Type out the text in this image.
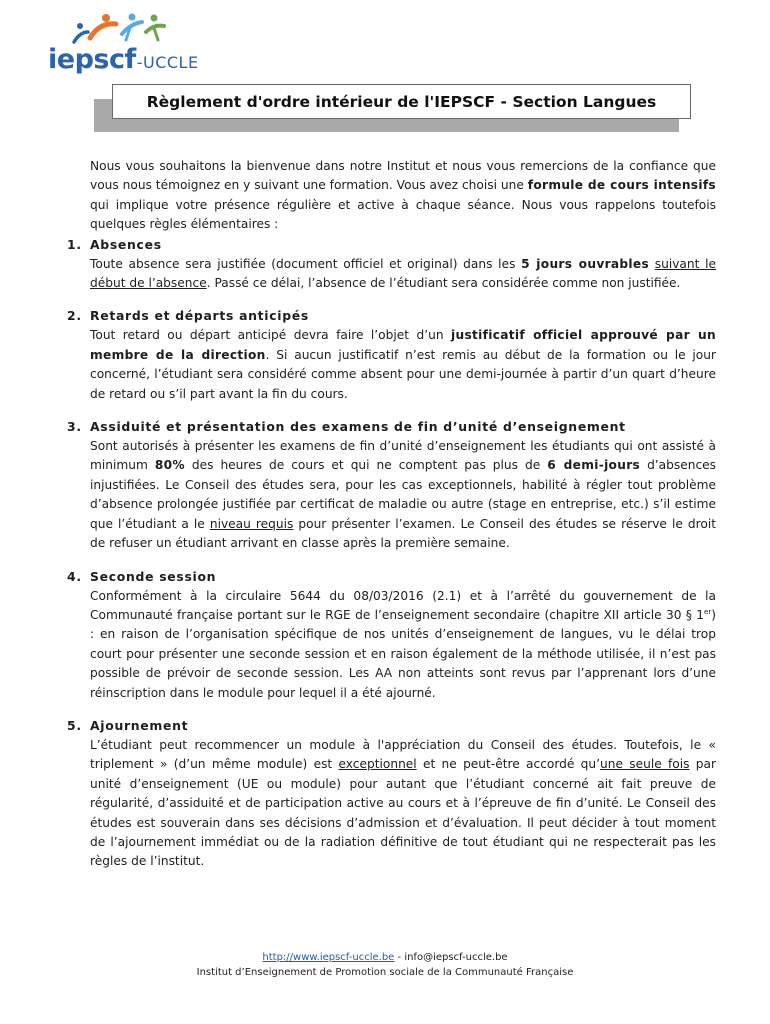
iepscf-UCCLE
Règlement d'ordre intérieur de l'IEPSCF - Section Langues

Nous vous souhaitons la bienvenue dans notre Institut et nous vous remercions de la confiance que vous nous témoignez en y suivant une formation. Vous avez choisi une formule de cours intensifs qui implique votre présence régulière et active à chaque séance. Nous vous rappelons toutefois quelques règles élémentaires :

1. Absences

Toute absence sera justifiée (document officiel et original) dans les 5 jours ouvrables suivant le début de l’absence. Passé ce délai, l’absence de l’étudiant sera considérée comme non justifiée.

2. Retards et départs anticipés

Tout retard ou départ anticipé devra faire l’objet d’un justificatif officiel approuvé par un membre de la direction. Si aucun justificatif n’est remis au début de la formation ou le jour concerné, l’étudiant sera considéré comme absent pour une demi-journée à partir d’un quart d’heure de retard ou s’il part avant la fin du cours.

3. Assiduité et présentation des examens de fin d’unité d’enseignement

Sont autorisés à présenter les examens de fin d’unité d’enseignement les étudiants qui ont assisté à minimum 80% des heures de cours et qui ne comptent pas plus de 6 demi-jours d’absences injustifiées. Le Conseil des études sera, pour les cas exceptionnels, habilité à régler tout problème d’absence prolongée justifiée par certificat de maladie ou autre (stage en entreprise, etc.) s’il estime que l’étudiant a le niveau requis pour présenter l’examen. Le Conseil des études se réserve le droit de refuser un étudiant arrivant en classe après la première semaine.

4. Seconde session

Conformément à la circulaire 5644 du 08/03/2016 (2.1) et à l’arrêté du gouvernement de la Communauté française portant sur le RGE de l’enseignement secondaire (chapitre XII article 30 § 1er) : en raison de l’organisation spécifique de nos unités d’enseignement de langues, vu le délai trop court pour présenter une seconde session et en raison également de la méthode utilisée, il n’est pas possible de prévoir de seconde session. Les AA non atteints sont revus par l’apprenant lors d’une réinscription dans le module pour lequel il a été ajourné.

5. Ajournement

L’étudiant peut recommencer un module à l'appréciation du Conseil des études. Toutefois, le « triplement » (d’un même module) est exceptionnel et ne peut-être accordé qu’une seule fois par unité d’enseignement (UE ou module) pour autant que l’étudiant concerné ait fait preuve de régularité, d’assiduité et de participation active au cours et à l’épreuve de fin d’unité. Le Conseil des études est souverain dans ses décisions d’admission et d’évaluation. Il peut décider à tout moment de l’ajournement immédiat ou de la radiation définitive de tout étudiant qui ne respecterait pas les règles de l’institut.

http://www.iepscf-uccle.be - info@iepscf-uccle.be
Institut d’Enseignement de Promotion sociale de la Communauté Française
